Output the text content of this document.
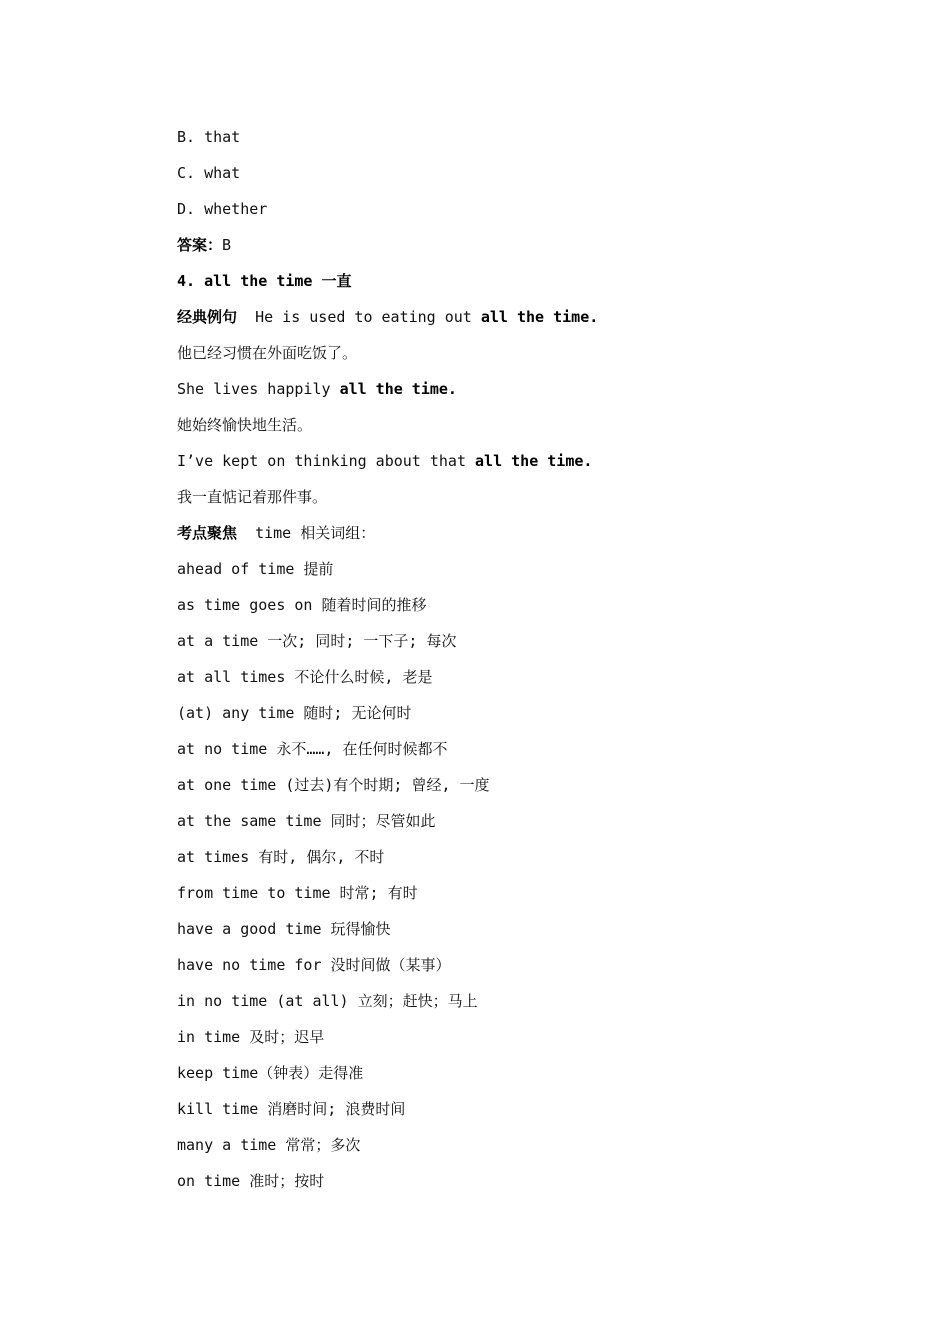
B. that
C. what
D. whether
答案：B
4. all the time 一直
经典例句 He is used to eating out all the time.
他已经习惯在外面吃饭了。
She lives happily all the time.
她始终愉快地生活。
I’ve kept on thinking about that all the time.
我一直惦记着那件事。
考点聚焦 time 相关词组：
ahead of time 提前
as time goes on 随着时间的推移
at a time 一次; 同时; 一下子; 每次
at all times 不论什么时候, 老是
(at) any time 随时; 无论何时
at no time 永不……, 在任何时候都不
at one time (过去)有个时期; 曾经, 一度
at the same time 同时；尽管如此
at times 有时, 偶尔, 不时
from time to time 时常; 有时
have a good time 玩得愉快
have no time for 没时间做（某事）
in no time (at all) 立刻；赶快；马上
in time 及时；迟早
keep time（钟表）走得准
kill time 消磨时间; 浪费时间
many a time 常常；多次
on time 准时；按时
